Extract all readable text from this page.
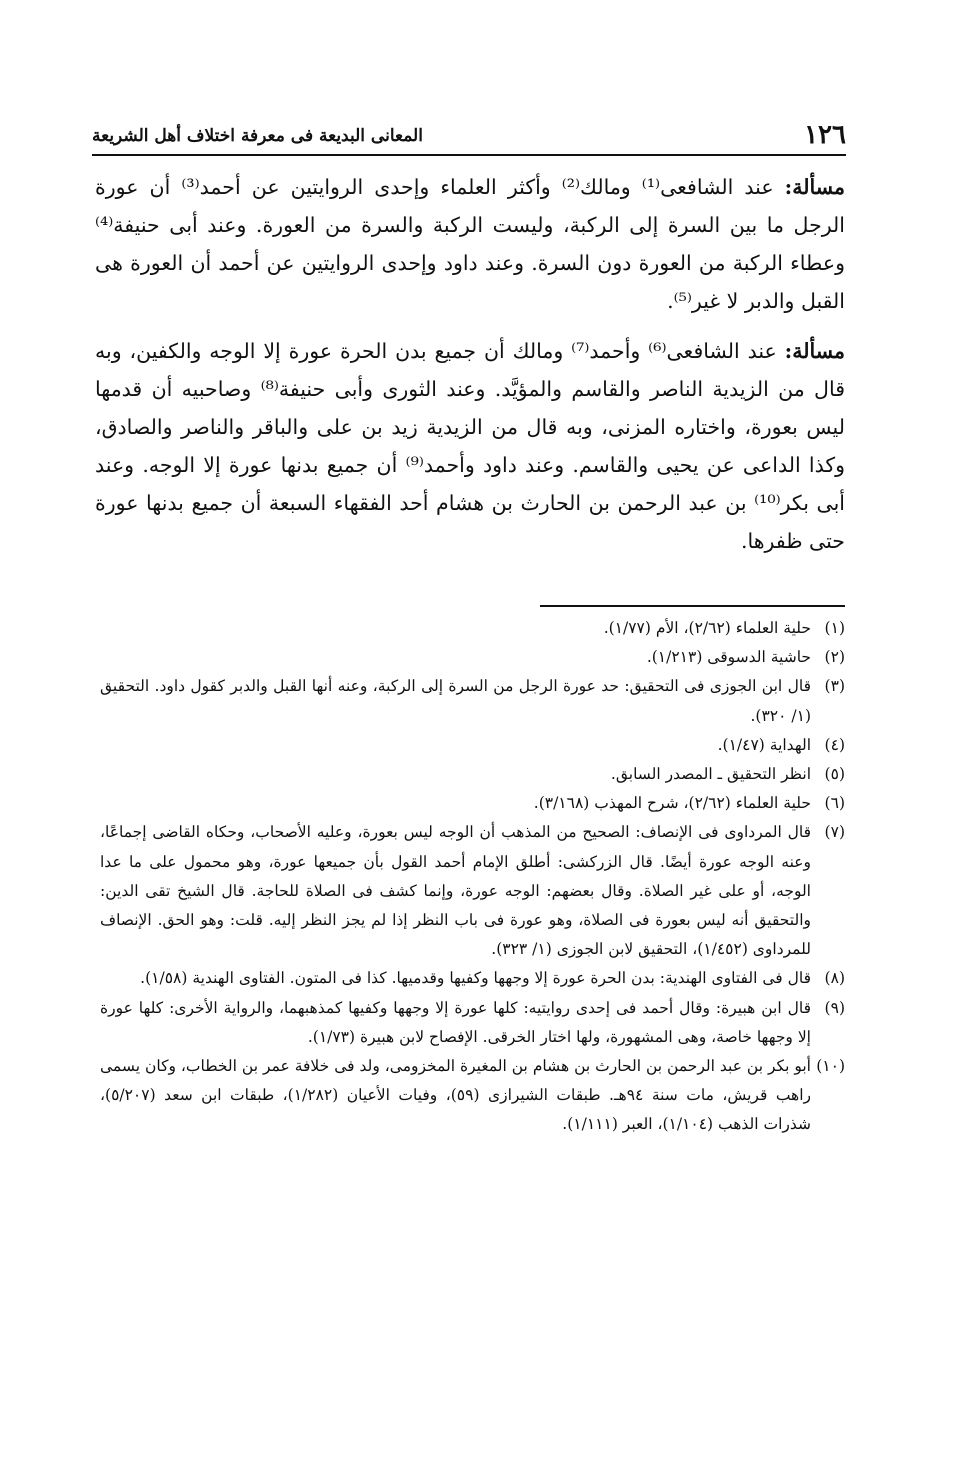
١٢٦
المعانى البديعة فى معرفة اختلاف أهل الشريعة

مسألة: عند الشافعى⁽¹⁾ ومالك⁽²⁾ وأكثر العلماء وإحدى الروايتين عن أحمد⁽³⁾ أن عورة الرجل ما بين السرة إلى الركبة، وليست الركبة والسرة من العورة. وعند أبى حنيفة⁽⁴⁾ وعطاء الركبة من العورة دون السرة. وعند داود وإحدى الروايتين عن أحمد أن العورة هى القبل والدبر لا غير⁽⁵⁾.

مسألة: عند الشافعى⁽⁶⁾ وأحمد⁽⁷⁾ ومالك أن جميع بدن الحرة عورة إلا الوجه والكفين، وبه قال من الزيدية الناصر والقاسم والمؤيَّد. وعند الثورى وأبى حنيفة⁽⁸⁾ وصاحبيه أن قدمها ليس بعورة، واختاره المزنى، وبه قال من الزيدية زيد بن على والباقر والناصر والصادق، وكذا الداعى عن يحيى والقاسم. وعند داود وأحمد⁽⁹⁾ أن جميع بدنها عورة إلا الوجه. وعند أبى بكر⁽¹⁰⁾ بن عبد الرحمن بن الحارث بن هشام أحد الفقهاء السبعة أن جميع بدنها عورة حتى ظفرها.

(١)حلية العلماء (٢/٦٢)، الأم (١/٧٧).

(٢)حاشية الدسوقى (١/٢١٣).

(٣)قال ابن الجوزى فى التحقيق: حد عورة الرجل من السرة إلى الركبة، وعنه أنها القبل والدبر كقول داود. التحقيق (١/ ٣٢٠).

(٤)الهداية (١/٤٧).

(٥)انظر التحقيق ـ المصدر السابق.

(٦)حلية العلماء (٢/٦٢)، شرح المهذب (٣/١٦٨).

(٧)قال المرداوى فى الإنصاف: الصحيح من المذهب أن الوجه ليس بعورة، وعليه الأصحاب، وحكاه القاضى إجماعًا، وعنه الوجه عورة أيضًا. قال الزركشى: أطلق الإمام أحمد القول بأن جميعها عورة، وهو محمول على ما عدا الوجه، أو على غير الصلاة. وقال بعضهم: الوجه عورة، وإنما كشف فى الصلاة للحاجة. قال الشيخ تقى الدين: والتحقيق أنه ليس بعورة فى الصلاة، وهو عورة فى باب النظر إذا لم يجز النظر إليه. قلت: وهو الحق. الإنصاف للمرداوى (١/٤٥٢)، التحقيق لابن الجوزى (١/ ٣٢٣).

(٨)قال فى الفتاوى الهندية: بدن الحرة عورة إلا وجهها وكفيها وقدميها. كذا فى المتون. الفتاوى الهندية (١/٥٨).

(٩)قال ابن هبيرة: وقال أحمد فى إحدى روايتيه: كلها عورة إلا وجهها وكفيها كمذهبهما، والرواية الأخرى: كلها عورة إلا وجهها خاصة، وهى المشهورة، ولها اختار الخرقى. الإفصاح لابن هبيرة (١/٧٣).

(١٠)أبو بكر بن عبد الرحمن بن الحارث بن هشام بن المغيرة المخزومى، ولد فى خلافة عمر بن الخطاب، وكان يسمى راهب قريش، مات سنة ٩٤هـ. طبقات الشيرازى (٥٩)، وفيات الأعيان (١/٢٨٢)، طبقات ابن سعد (٥/٢٠٧)، شذرات الذهب (١/١٠٤)، العبر (١/١١١).
